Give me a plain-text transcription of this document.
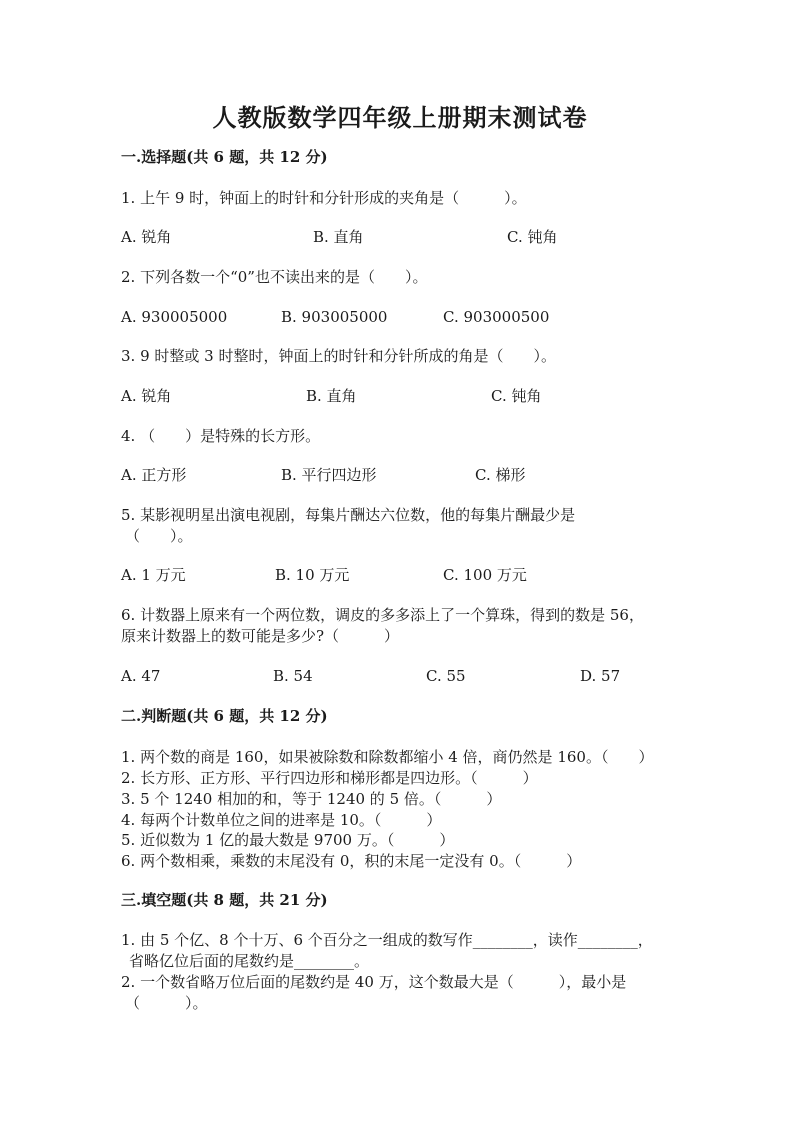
人教版数学四年级上册期末测试卷
一.选择题(共 6 题，共 12 分)
1. 上午 9 时，钟面上的时针和分针形成的夹角是（　　　）。
A. 锐角	B. 直角	C. 钝角
2. 下列各数一个“0”也不读出来的是（　　）。
A. 930005000	B. 903005000	C. 903000500
3. 9 时整或 3 时整时，钟面上的时针和分针所成的角是（　　）。
A. 锐角	B. 直角	C. 钝角
4. （　　）是特殊的长方形。
A. 正方形	B. 平行四边形	C. 梯形
5. 某影视明星出演电视剧，每集片酬达六位数，他的每集片酬最少是
（　　）。
A. 1 万元	B. 10 万元	C. 100 万元
6. 计数器上原来有一个两位数，调皮的多多添上了一个算珠，得到的数是 56，
原来计数器上的数可能是多少?（　　　）
A. 47	B. 54	C. 55	D. 57
二.判断题(共 6 题，共 12 分)
1. 两个数的商是 160，如果被除数和除数都缩小 4 倍，商仍然是 160。（　　）
2. 长方形、正方形、平行四边形和梯形都是四边形。（　　　）
3. 5 个 1240 相加的和，等于 1240 的 5 倍。（　　　）
4. 每两个计数单位之间的进率是 10。（　　　）
5. 近似数为 1 亿的最大数是 9700 万。（　　　）
6. 两个数相乘，乘数的末尾没有 0，积的末尾一定没有 0。（　　　）
三.填空题(共 8 题，共 21 分)
1. 由 5 个亿、8 个十万、6 个百分之一组成的数写作________，读作________，
省略亿位后面的尾数约是________。
2. 一个数省略万位后面的尾数约是 40 万，这个数最大是（　　　），最小是
（　　　）。
